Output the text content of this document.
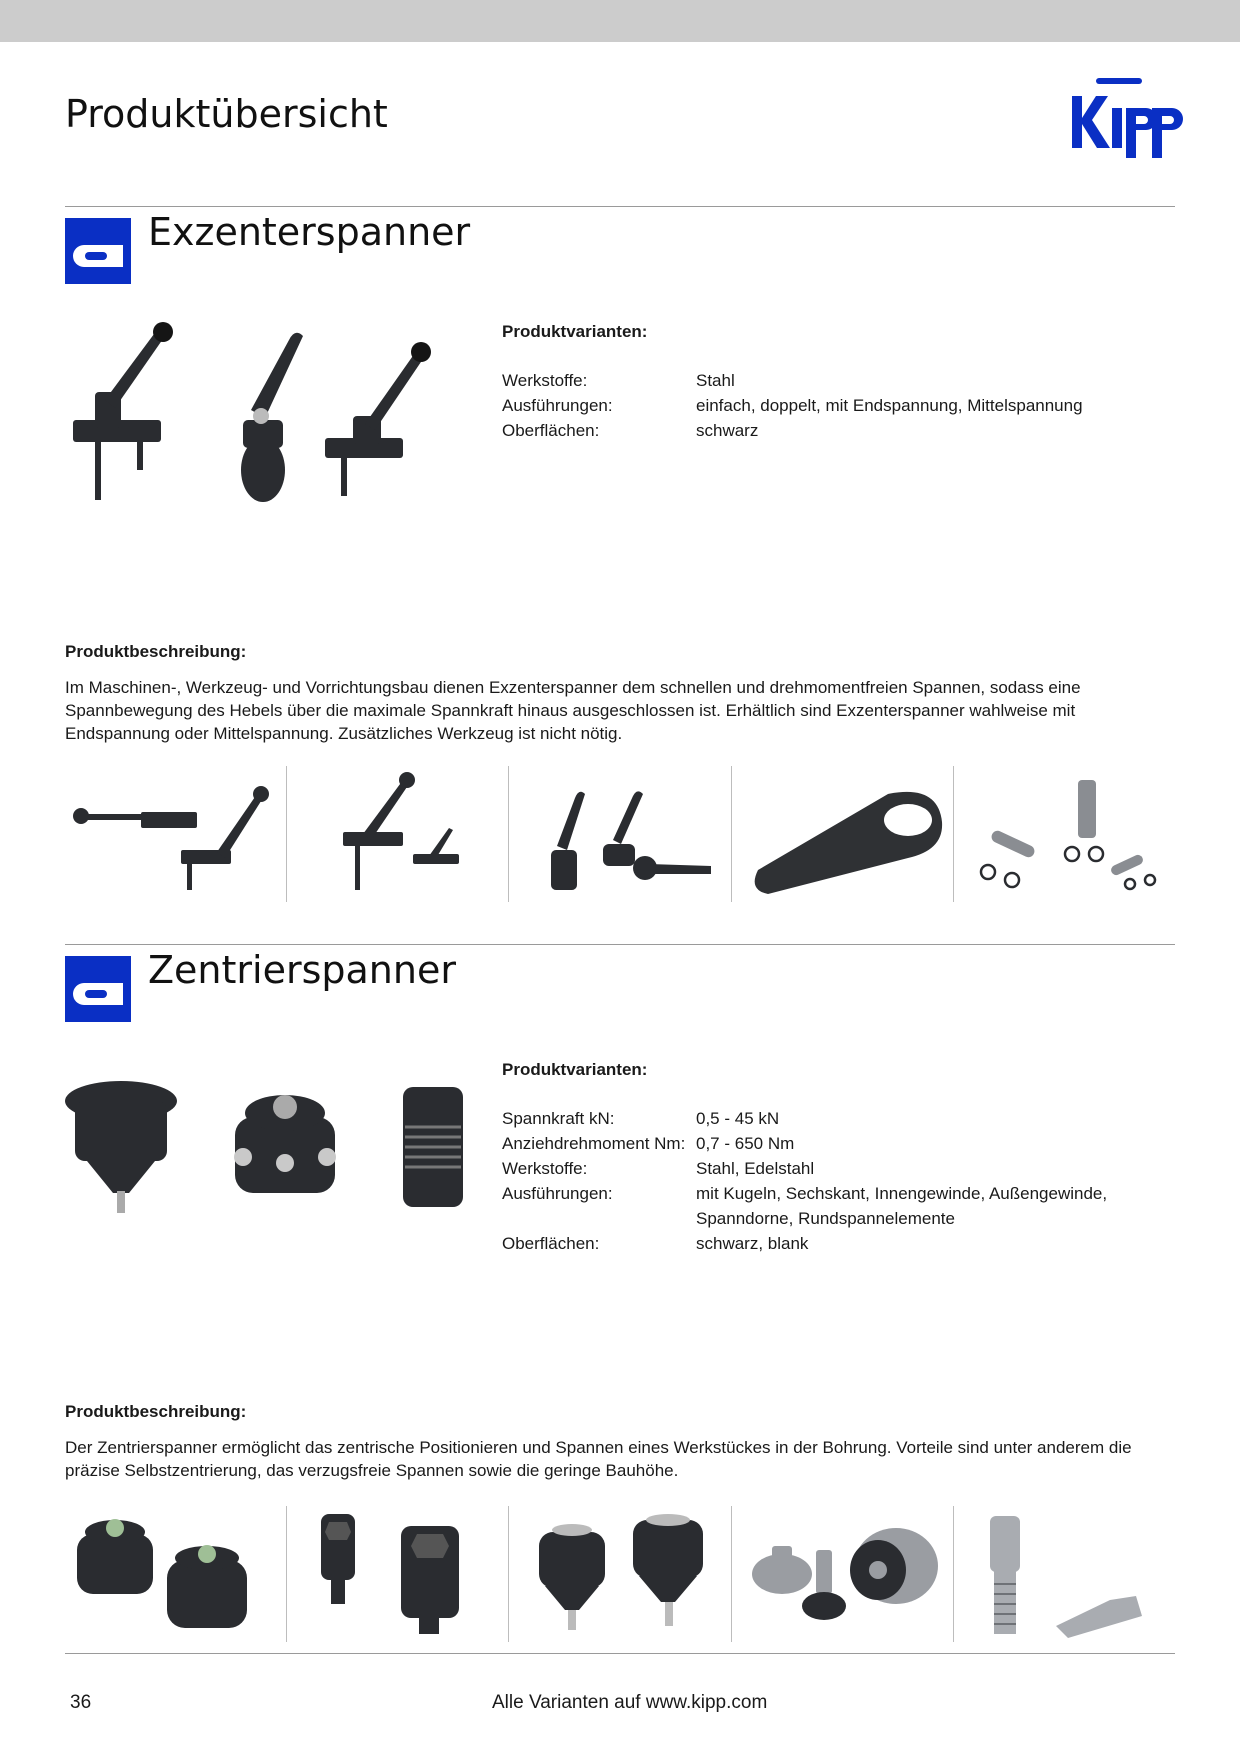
Produktübersicht
Exzenterspanner
Produktvarianten:
Werkstoffe:	Stahl
Ausführungen:	einfach, doppelt, mit Endspannung, Mittelspannung
Oberflächen:	schwarz
Produktbeschreibung:
Im Maschinen-, Werkzeug- und Vorrichtungsbau dienen Exzenterspanner dem schnellen und drehmomentfreien Spannen, sodass eine Spannbewegung des Hebels über die maximale Spannkraft hinaus ausgeschlossen ist. Erhältlich sind Exzenterspanner wahlweise mit Endspannung oder Mittelspannung. Zusätzliches Werkzeug ist nicht nötig.
Zentrierspanner
Produktvarianten:
Spannkraft kN:	0,5 - 45 kN
Anziehdrehmoment Nm: 0,7 - 650 Nm
Werkstoffe:	Stahl, Edelstahl
Ausführungen:	mit Kugeln, Sechskant, Innengewinde, Außengewinde, Spanndorne, Rundspannelemente
Oberflächen:	schwarz, blank
Produktbeschreibung:
Der Zentrierspanner ermöglicht das zentrische Positionieren und Spannen eines Werkstückes in der Bohrung. Vorteile sind unter anderem die präzise Selbstzentrierung, das verzugsfreie Spannen sowie die geringe Bauhöhe.
36	Alle Varianten auf www.kipp.com
